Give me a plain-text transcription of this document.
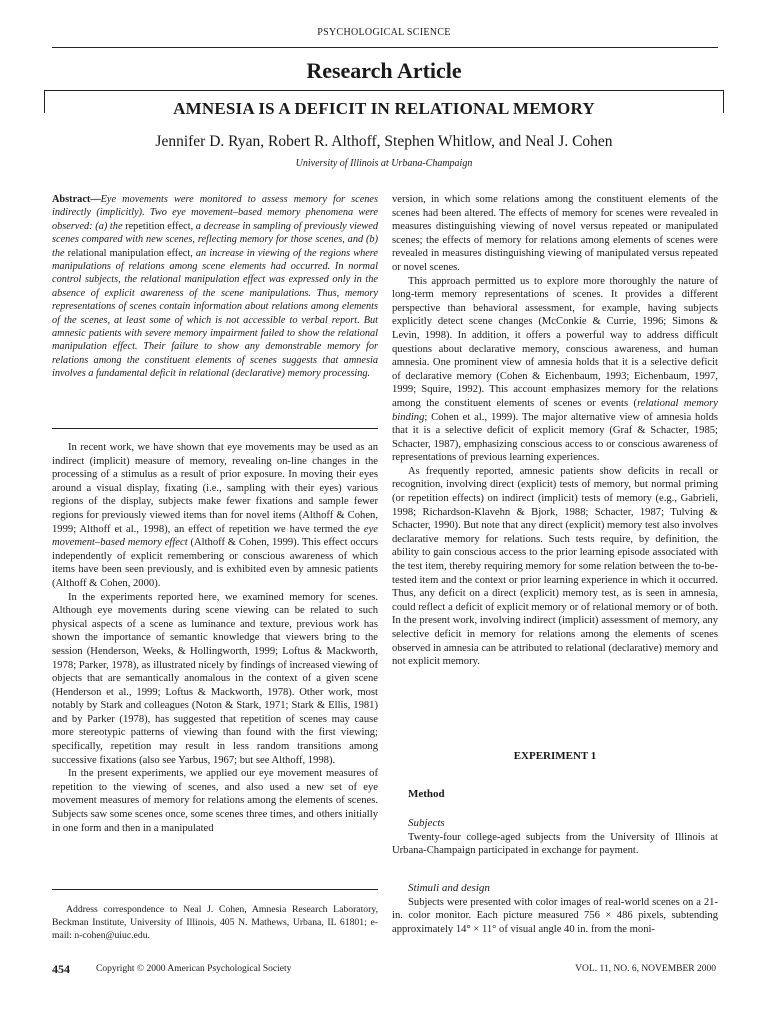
PSYCHOLOGICAL SCIENCE
Research Article
AMNESIA IS A DEFICIT IN RELATIONAL MEMORY
Jennifer D. Ryan, Robert R. Althoff, Stephen Whitlow, and Neal J. Cohen
University of Illinois at Urbana-Champaign

Abstract—Eye movements were monitored to assess memory for scenes indirectly (implicitly). Two eye movement–based memory phenomena were observed: (a) the repetition effect, a decrease in sampling of previously viewed scenes compared with new scenes, reflecting memory for those scenes, and (b) the relational manipulation effect, an increase in viewing of the regions where manipulations of relations among scene elements had occurred. In normal control subjects, the relational manipulation effect was expressed only in the absence of explicit awareness of the scene manipulations. Thus, memory representations of scenes contain information about relations among elements of the scenes, at least some of which is not accessible to verbal report. But amnesic patients with severe memory impairment failed to show the relational manipulation effect. Their failure to show any demonstrable memory for relations among the constituent elements of scenes suggests that amnesia involves a fundamental deficit in relational (declarative) memory processing.

In recent work, we have shown that eye movements may be used as an indirect (implicit) measure of memory, revealing on-line changes in the processing of a stimulus as a result of prior exposure. In moving their eyes around a visual display, fixating (i.e., sampling with their eyes) various regions of the display, subjects make fewer fixations and sample fewer regions for previously viewed items than for novel items (Althoff & Cohen, 1999; Althoff et al., 1998), an effect of repetition we have termed the eye movement–based memory effect (Althoff & Cohen, 1999). This effect occurs independently of explicit remembering or conscious awareness of which items have been seen previously, and is exhibited even by amnesic patients (Althoff & Cohen, 2000).

In the experiments reported here, we examined memory for scenes. Although eye movements during scene viewing can be related to such physical aspects of a scene as luminance and texture, previous work has shown the importance of semantic knowledge that viewers bring to the session (Henderson, Weeks, & Hollingworth, 1999; Loftus & Mackworth, 1978; Parker, 1978), as illustrated nicely by findings of increased viewing of objects that are semantically anomalous in the context of a given scene (Henderson et al., 1999; Loftus & Mackworth, 1978). Other work, most notably by Stark and colleagues (Noton & Stark, 1971; Stark & Ellis, 1981) and by Parker (1978), has suggested that repetition of scenes may cause more stereotypic patterns of viewing than found with the first viewing; specifically, repetition may result in less random transitions among successive fixations (also see Yarbus, 1967; but see Althoff, 1998).

In the present experiments, we applied our eye movement measures of repetition to the viewing of scenes, and also used a new set of eye movement measures of memory for relations among the elements of scenes. Subjects saw some scenes once, some scenes three times, and others initially in one form and then in a manipulated

Address correspondence to Neal J. Cohen, Amnesia Research Laboratory, Beckman Institute, University of Illinois, 405 N. Mathews, Urbana, IL 61801; e-mail: n-cohen@uiuc.edu.

version, in which some relations among the constituent elements of the scenes had been altered. The effects of memory for scenes were revealed in measures distinguishing viewing of novel versus repeated or manipulated scenes; the effects of memory for relations among elements of scenes were revealed in measures distinguishing viewing of manipulated versus repeated or novel scenes.

This approach permitted us to explore more thoroughly the nature of long-term memory representations of scenes. It provides a different perspective than behavioral assessment, for example, having subjects explicitly detect scene changes (McConkie & Currie, 1996; Simons & Levin, 1998). In addition, it offers a powerful way to address difficult questions about declarative memory, conscious awareness, and human amnesia. One prominent view of amnesia holds that it is a selective deficit of declarative memory (Cohen & Eichenbaum, 1993; Eichenbaum, 1997, 1999; Squire, 1992). This account emphasizes memory for the relations among the constituent elements of scenes or events (relational memory binding; Cohen et al., 1999). The major alternative view of amnesia holds that it is a selective deficit of explicit memory (Graf & Schacter, 1985; Schacter, 1987), emphasizing conscious access to or conscious awareness of representations of previous learning experiences.

As frequently reported, amnesic patients show deficits in recall or recognition, involving direct (explicit) tests of memory, but normal priming (or repetition effects) on indirect (implicit) tests of memory (e.g., Gabrieli, 1998; Richardson-Klavehn & Bjork, 1988; Schacter, 1987; Tulving & Schacter, 1990). But note that any direct (explicit) memory test also involves declarative memory for relations. Such tests require, by definition, the ability to gain conscious access to the prior learning episode associated with the test item, thereby requiring memory for some relation between the to-be-tested item and the context or prior learning experience in which it occurred. Thus, any deficit on a direct (explicit) memory test, as is seen in amnesia, could reflect a deficit of explicit memory or of relational memory or of both. In the present work, involving indirect (implicit) assessment of memory, any selective deficit in memory for relations among the elements of scenes observed in amnesia can be attributed to relational (declarative) memory and not explicit memory.

EXPERIMENT 1
Method
Subjects

Twenty-four college-aged subjects from the University of Illinois at Urbana-Champaign participated in exchange for payment.

Stimuli and design

Subjects were presented with color images of real-world scenes on a 21-in. color monitor. Each picture measured 756 × 486 pixels, subtending approximately 14° × 11° of visual angle 40 in. from the moni-

454	Copyright © 2000 American Psychological Society	VOL. 11, NO. 6, NOVEMBER 2000
